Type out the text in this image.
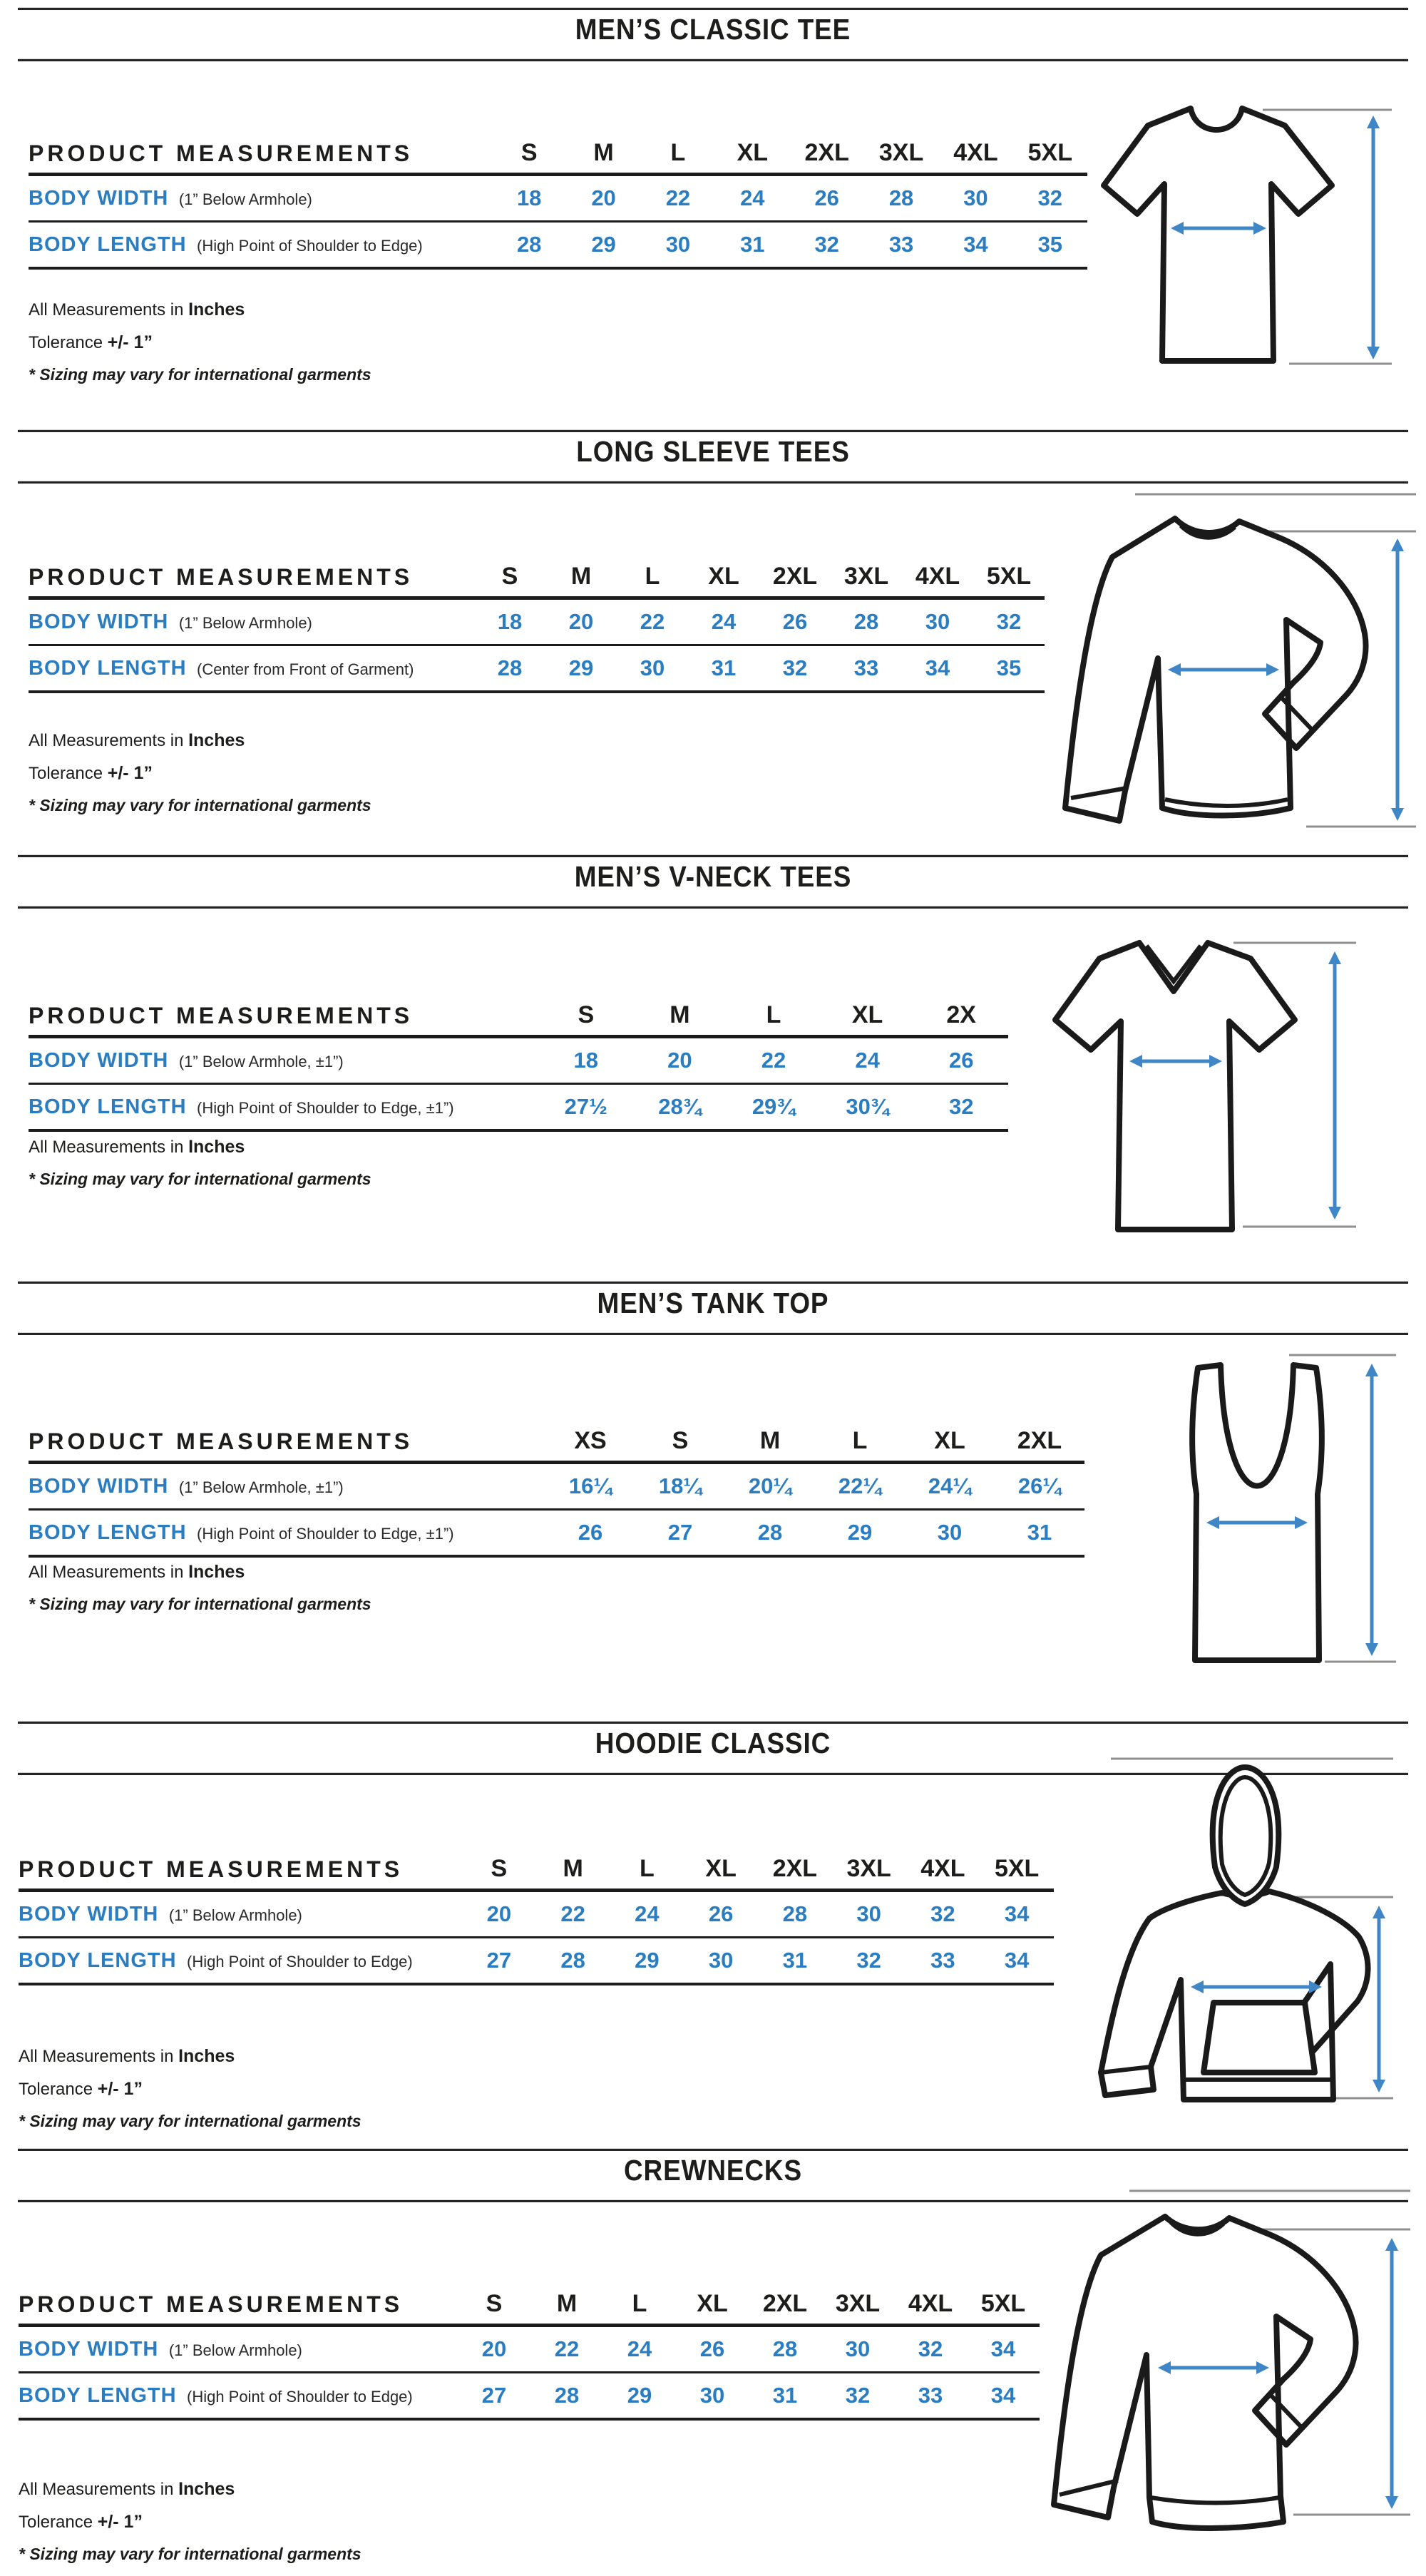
MEN’S CLASSIC TEE
PRODUCT MEASUREMENTS	S	M	L	XL	2XL	3XL	4XL	5XL
BODY WIDTH (1” Below Armhole)	18	20	22	24	26	28	30	32
BODY LENGTH (High Point of Shoulder to Edge)	28	29	30	31	32	33	34	35

All Measurements in Inches

Tolerance +/- 1”

* Sizing may vary for international garments

LONG SLEEVE TEES
PRODUCT MEASUREMENTS	S	M	L	XL	2XL	3XL	4XL	5XL
BODY WIDTH (1” Below Armhole)	18	20	22	24	26	28	30	32
BODY LENGTH (Center from Front of Garment)	28	29	30	31	32	33	34	35

All Measurements in Inches

Tolerance +/- 1”

* Sizing may vary for international garments

MEN’S V-NECK TEES
PRODUCT MEASUREMENTS	S	M	L	XL	2X
BODY WIDTH (1” Below Armhole, ±1”)	18	20	22	24	26
BODY LENGTH (High Point of Shoulder to Edge, ±1”)	27½	28¾	29¾	30¾	32

All Measurements in Inches

* Sizing may vary for international garments

MEN’S TANK TOP
PRODUCT MEASUREMENTS	XS	S	M	L	XL	2XL
BODY WIDTH (1” Below Armhole, ±1”)	16¼	18¼	20¼	22¼	24¼	26¼
BODY LENGTH (High Point of Shoulder to Edge, ±1”)	26	27	28	29	30	31

All Measurements in Inches

* Sizing may vary for international garments

HOODIE CLASSIC
PRODUCT MEASUREMENTS	S	M	L	XL	2XL	3XL	4XL	5XL
BODY WIDTH (1” Below Armhole)	20	22	24	26	28	30	32	34
BODY LENGTH (High Point of Shoulder to Edge)	27	28	29	30	31	32	33	34

All Measurements in Inches

Tolerance +/- 1”

* Sizing may vary for international garments

CREWNECKS
PRODUCT MEASUREMENTS	S	M	L	XL	2XL	3XL	4XL	5XL
BODY WIDTH (1” Below Armhole)	20	22	24	26	28	30	32	34
BODY LENGTH (High Point of Shoulder to Edge)	27	28	29	30	31	32	33	34

All Measurements in Inches

Tolerance +/- 1”

* Sizing may vary for international garments
